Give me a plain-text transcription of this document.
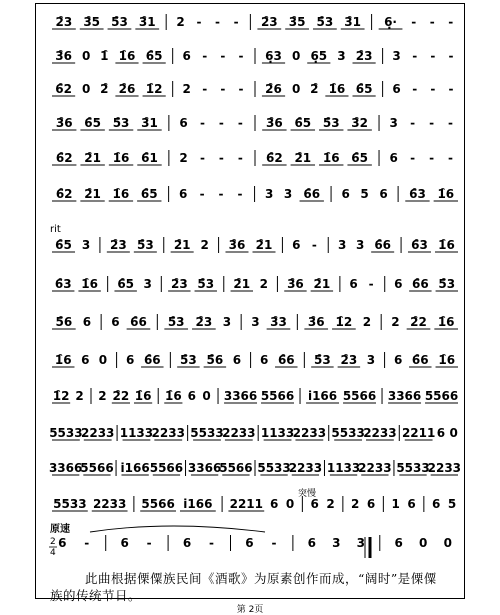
2̑3 3̑5 5̑3 3̑1 2 - - - 2̑3 3̑5 5̑3 3̑1 6̣· - - -
3̑6 0 1̑ 1̑6 6̑5 6 - - - 6̣3 0 6̣5 3 2̑3 3 - - -
6̑2 0 2̑ 2̑6 1̑2 2 - - - 2̑6 0 2̑ 1̑6 6̑5 6 - - -
3̑6 6̑5 5̑3 3̑1 6 - - - 3̑6 6̑5 5̑3 3̑2 3 - - -
6̑2 2̑1 1̑6 6̑1 2 - - - 6̑2 2̑1 1̑6 6̑5 6 - - -
6̑2 2̑1 1̑6 6̑5 6 - - - 3 3 6̑6 6 5 6 6̑3 1̑6
6̑5 3 2̑3 5̑3 2̑1 2 3̑6 2̑1 6 - 3 3 6̑6 6̑3 1̑6
6̑3 1̑6 6̑5 3 2̑3 5̑3 2̑1 2 3̑6 2̑1 6 - 6 6̑6 5̑3
5̑6 6 6 6̑6 5̑3 2̑3 3 3 3̑3 3̑6 1̑2 2 2 2̑2 1̑6
1̑6 6 0 6 6̑6 5̑3 5̑6 6 6 6̑6 5̑3 2̑3 3 6 6̑6 1̑6
1̑2 2 2 2̑2 1̑6 1̑6 6 0 3366 5566 i166 5566 3366 5566
5533
2233 1133
2233 5533
2233 1133
2233 5533
2233 2211 6 0
3366
5566 i166 5566 3366
5566 5533
2233 1133
2233 5533
2233
5533 2233 5566 i166 2211 6 0 6 2 2 6 1 6 6 5
6 -	6 -	6 -	6 -	6 3 3 6 0 0
rit
原速
突慢
2
4
此曲根据傈僳族民间《酒歌》为原素创作而成，“阔时”是傈僳
族的传统节日。
第 2页
